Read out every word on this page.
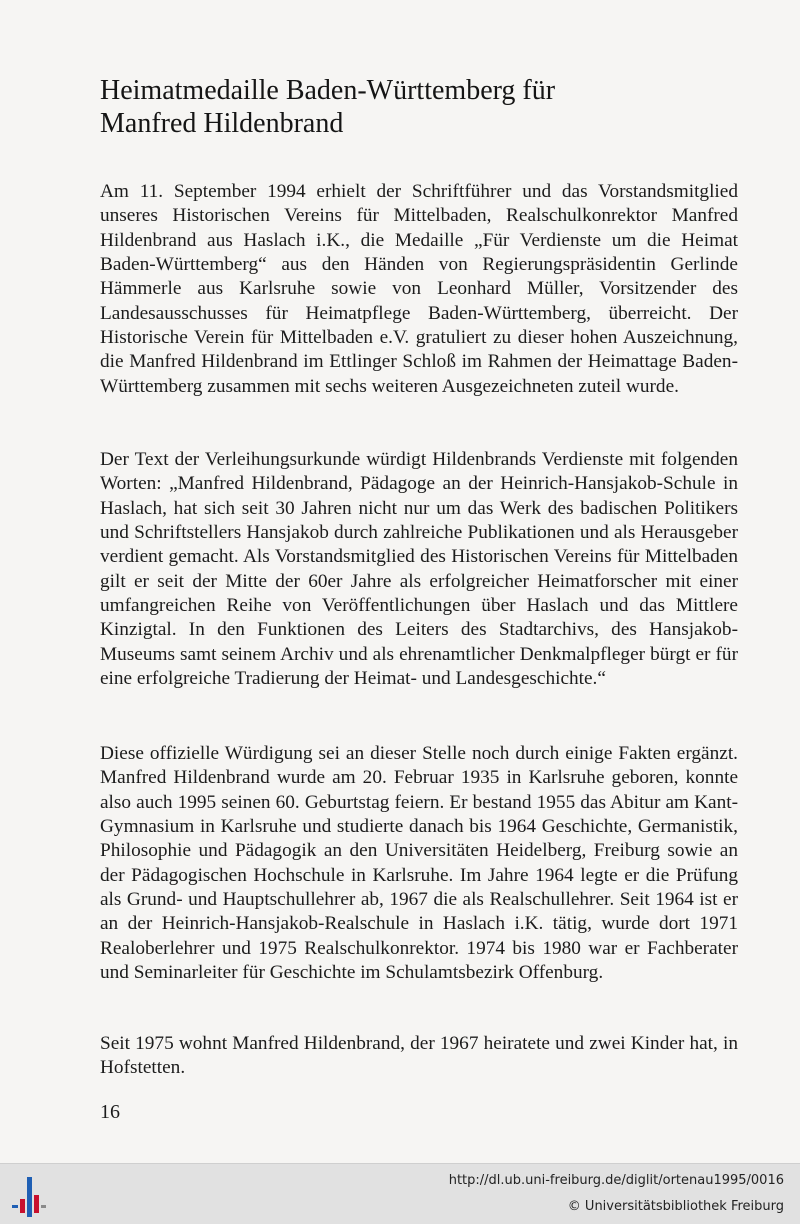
Heimatmedaille Baden-Württemberg für
Manfred Hildenbrand

Am 11. September 1994 erhielt der Schriftführer und das Vorstandsmitglied unseres Historischen Vereins für Mittelbaden, Realschulkonrektor Manfred Hildenbrand aus Haslach i.K., die Medaille „Für Verdienste um die Heimat Baden-Württemberg“ aus den Händen von Regierungspräsidentin Gerlinde Hämmerle aus Karlsruhe sowie von Leonhard Müller, Vorsitzender des Landesausschusses für Heimatpflege Baden-Württemberg, überreicht. Der Historische Verein für Mittelbaden e.V. gratuliert zu dieser hohen Auszeichnung, die Manfred Hildenbrand im Ettlinger Schloß im Rahmen der Heimattage Baden-Württemberg zusammen mit sechs weiteren Ausgezeichneten zuteil wurde.

Der Text der Verleihungsurkunde würdigt Hildenbrands Verdienste mit folgenden Worten: „Manfred Hildenbrand, Pädagoge an der Heinrich-Hansjakob-Schule in Haslach, hat sich seit 30 Jahren nicht nur um das Werk des badischen Politikers und Schriftstellers Hansjakob durch zahlreiche Publikationen und als Herausgeber verdient gemacht. Als Vorstandsmitglied des Historischen Vereins für Mittelbaden gilt er seit der Mitte der 60er Jahre als erfolgreicher Heimatforscher mit einer umfangreichen Reihe von Veröffentlichungen über Haslach und das Mittlere Kinzigtal. In den Funktionen des Leiters des Stadtarchivs, des Hansjakob-Museums samt seinem Archiv und als ehrenamtlicher Denkmalpfleger bürgt er für eine erfolgreiche Tradierung der Heimat- und Landesgeschichte.“

Diese offizielle Würdigung sei an dieser Stelle noch durch einige Fakten ergänzt. Manfred Hildenbrand wurde am 20. Februar 1935 in Karlsruhe geboren, konnte also auch 1995 seinen 60. Geburtstag feiern. Er bestand 1955 das Abitur am Kant-Gymnasium in Karlsruhe und studierte danach bis 1964 Geschichte, Germanistik, Philosophie und Pädagogik an den Universitäten Heidelberg, Freiburg sowie an der Pädagogischen Hochschule in Karlsruhe. Im Jahre 1964 legte er die Prüfung als Grund- und Hauptschullehrer ab, 1967 die als Realschullehrer. Seit 1964 ist er an der Heinrich-Hansjakob-Realschule in Haslach i.K. tätig, wurde dort 1971 Realoberlehrer und 1975 Realschulkonrektor. 1974 bis 1980 war er Fachberater und Seminarleiter für Geschichte im Schulamtsbezirk Offenburg.

Seit 1975 wohnt Manfred Hildenbrand, der 1967 heiratete und zwei Kinder hat, in Hofstetten.

16
http://dl.ub.uni-freiburg.de/diglit/ortenau1995/0016
© Universitätsbibliothek Freiburg
